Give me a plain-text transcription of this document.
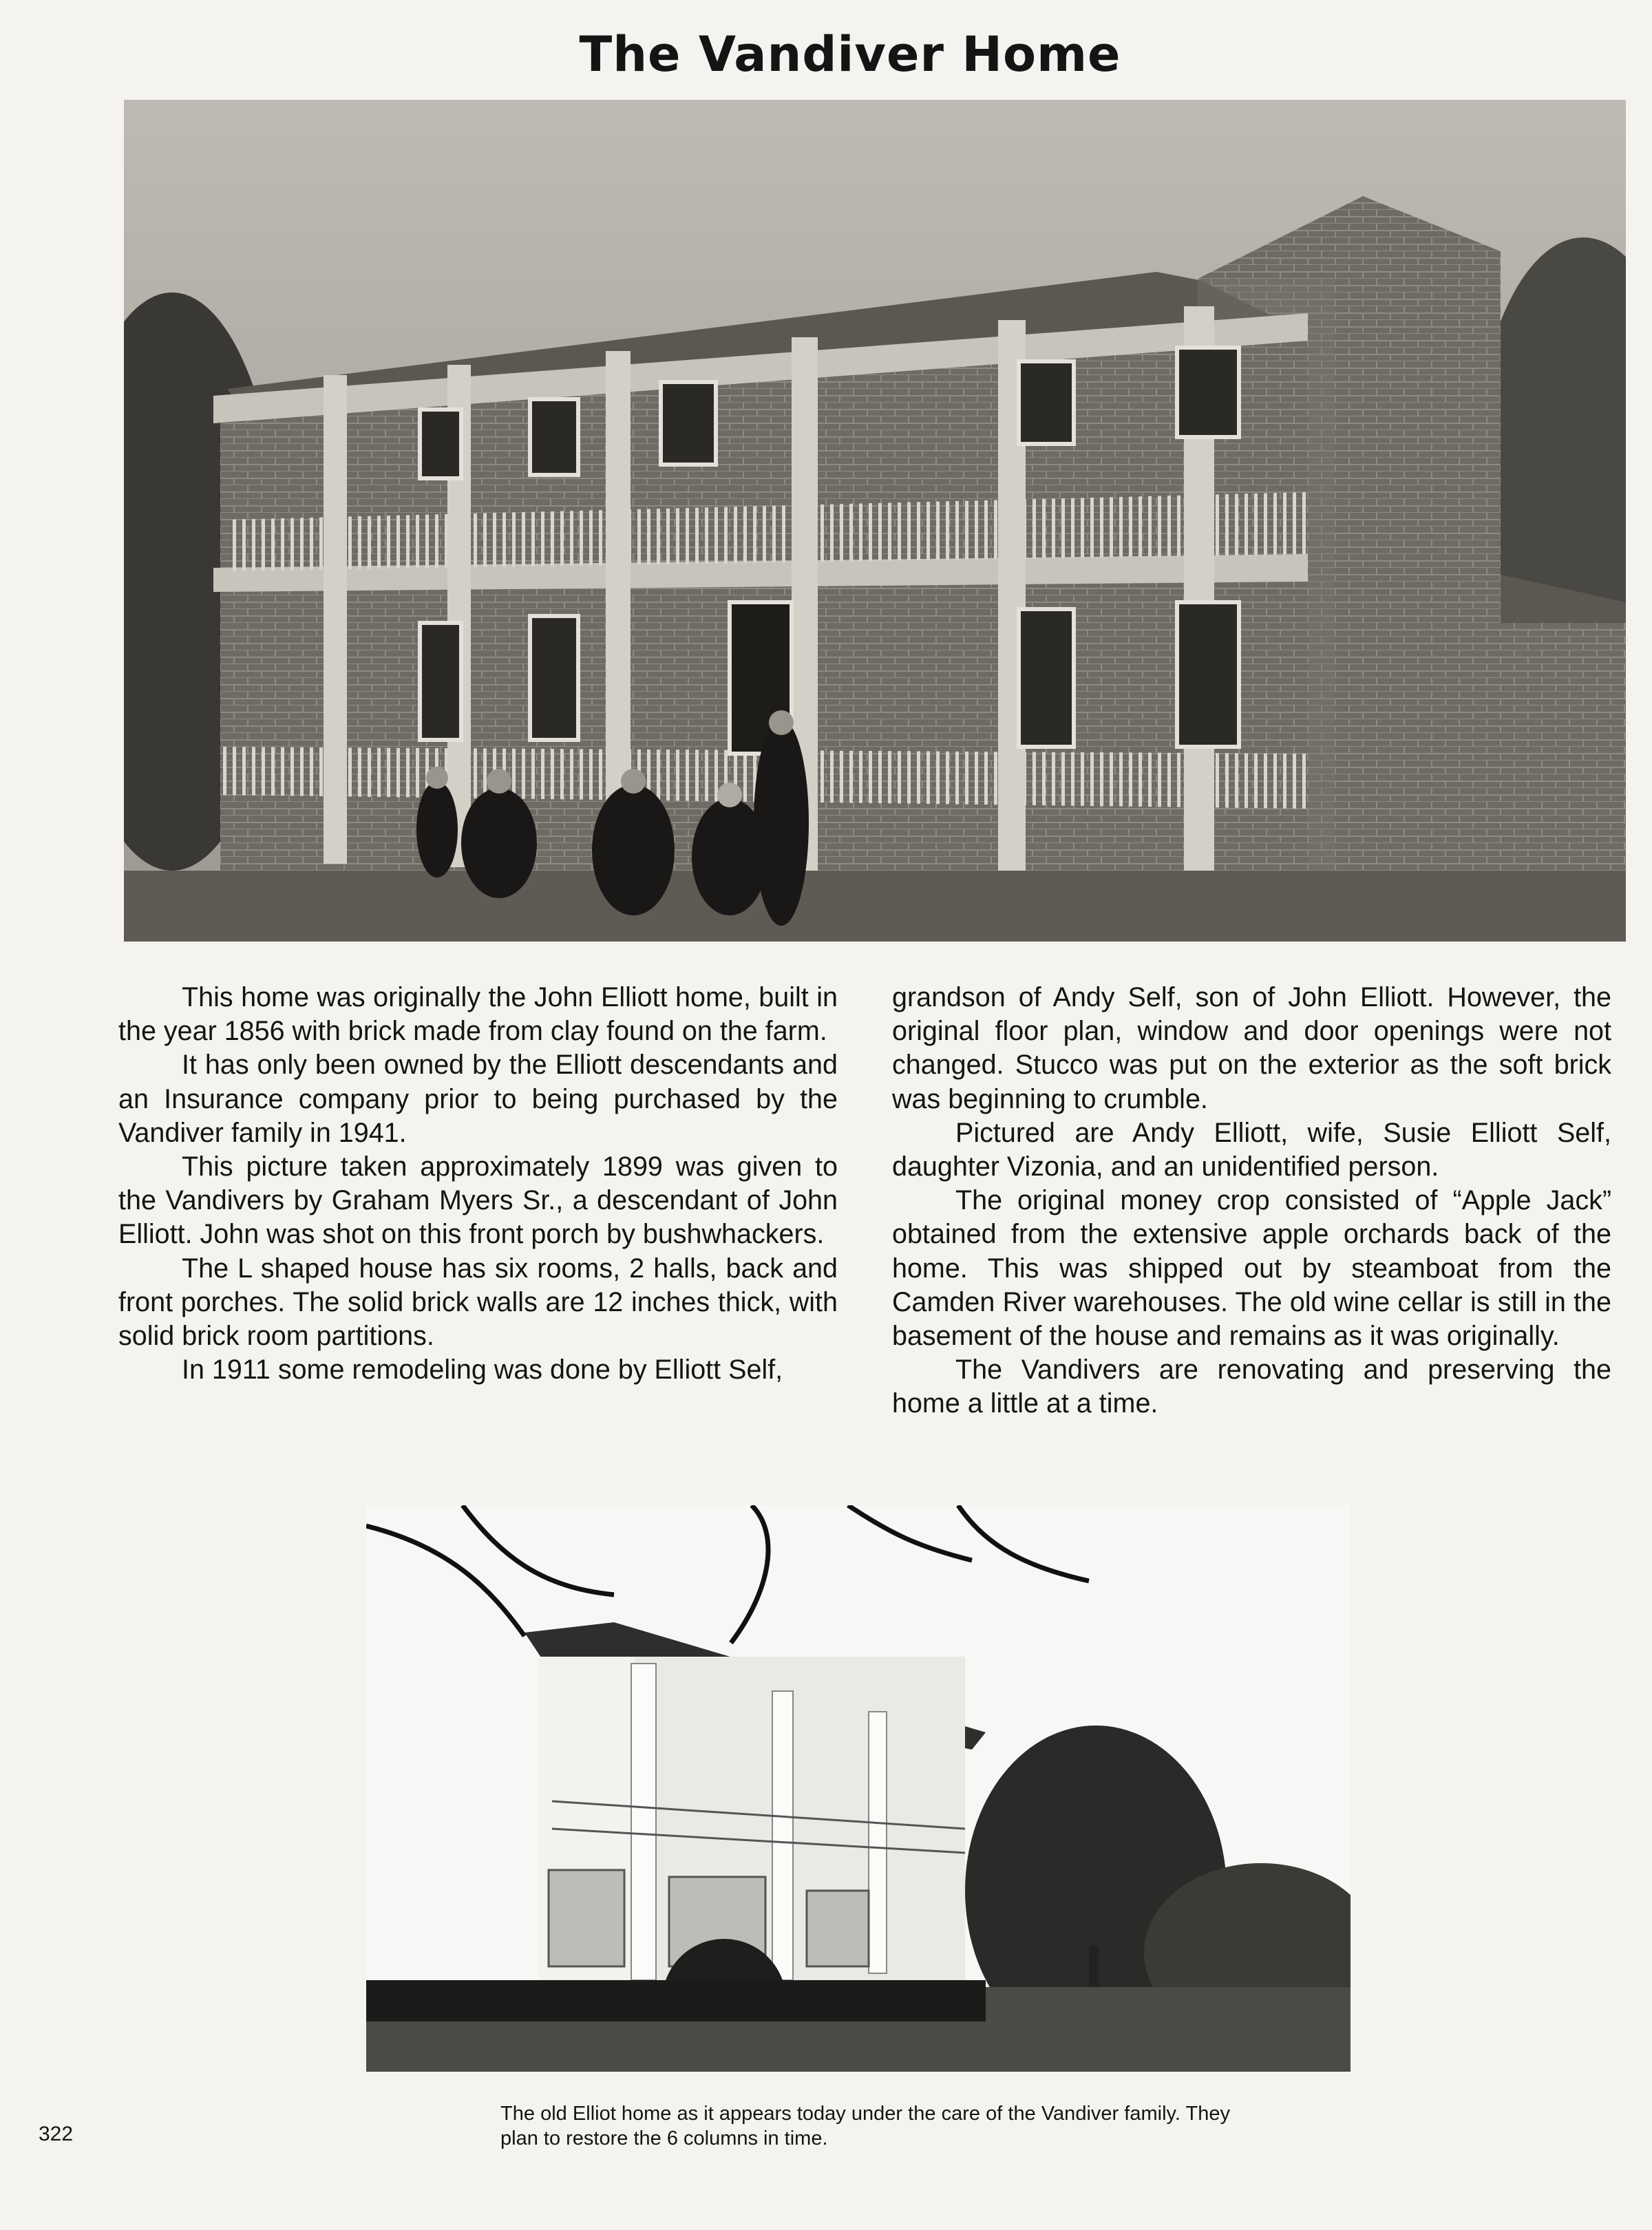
The Vandiver Home

This home was originally the John Elliott home, built in the year 1856 with brick made from clay found on the farm.

It has only been owned by the Elliott descendants and an Insurance company prior to being purchased by the Vandiver family in 1941.

This picture taken approximately 1899 was given to the Vandivers by Graham Myers Sr., a descendant of John Elliott. John was shot on this front porch by bushwhackers.

The L shaped house has six rooms, 2 halls, back and front porches. The solid brick walls are 12 inches thick, with solid brick room partitions.

In 1911 some remodeling was done by Elliott Self,

grandson of Andy Self, son of John Elliott. However, the original floor plan, window and door openings were not changed. Stucco was put on the exterior as the soft brick was beginning to crumble.

Pictured are Andy Elliott, wife, Susie Elliott Self, daughter Vizonia, and an unidentified person.

The original money crop consisted of “Apple Jack” obtained from the extensive apple orchards back of the home. This was shipped out by steamboat from the Camden River warehouses. The old wine cellar is still in the basement of the house and remains as it was originally.

The Vandivers are renovating and preserving the home a little at a time.

The old Elliot home as it appears today under the care of the Vandiver family. They plan to restore the 6 columns in time.
322
